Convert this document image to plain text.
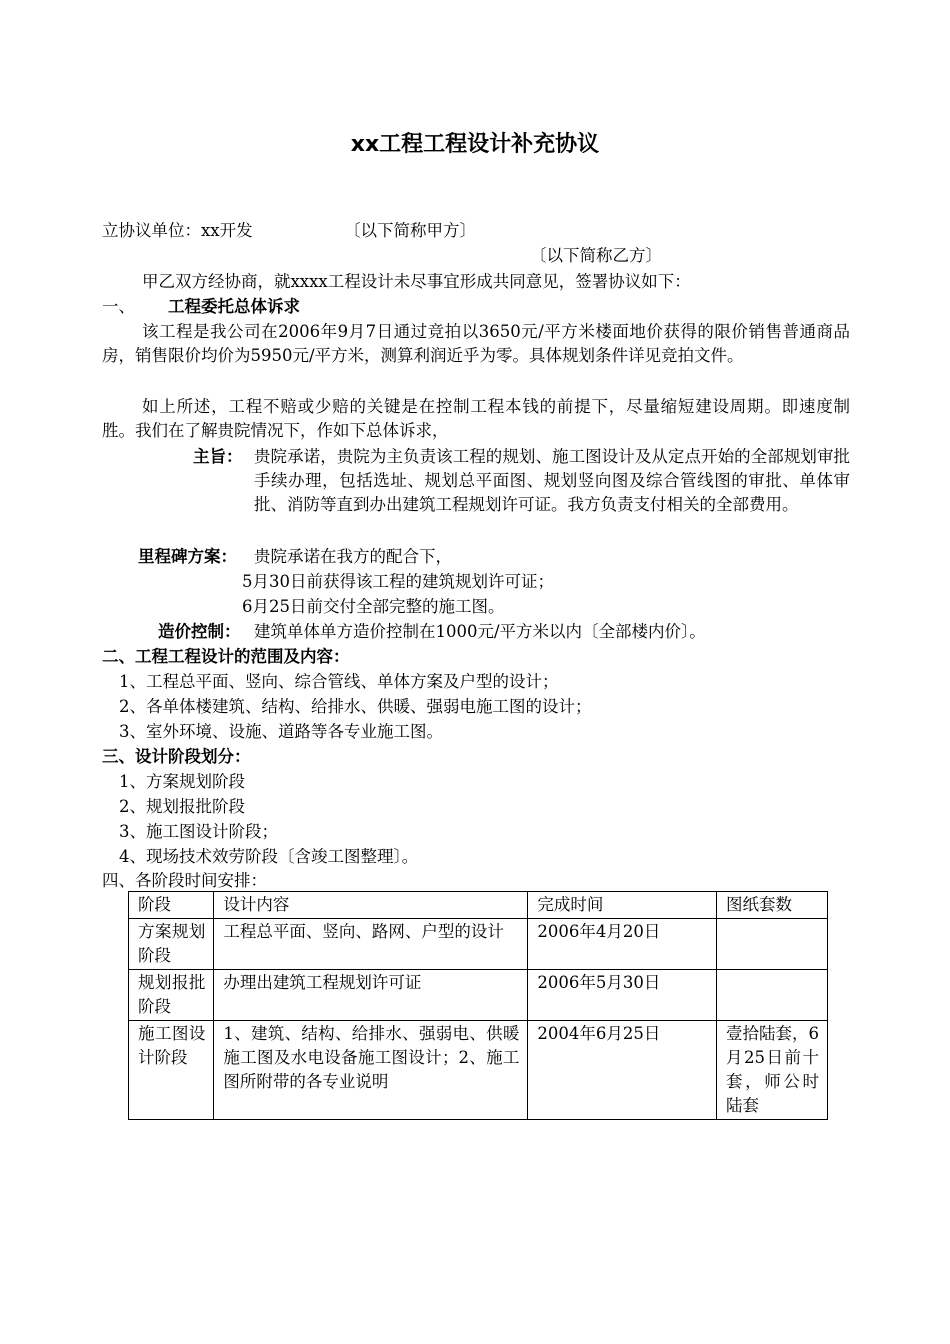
xx工程工程设计补充协议
立协议单位：xx开发	〔以下简称甲方〕
〔以下简称乙方〕
甲乙双方经协商，就xxxx工程设计未尽事宜形成共同意见，签署协议如下：
一、 工程委托总体诉求
该工程是我公司在2006年9月7日通过竞拍以3650元/平方米楼面地价获得的限价销售普通商品房，销售限价均价为5950元/平方米，测算利润近乎为零。具体规划条件详见竞拍文件。
如上所述，工程不赔或少赔的关键是在控制工程本钱的前提下，尽量缩短建设周期。即速度制胜。我们在了解贵院情况下，作如下总体诉求，
主旨： 贵院承诺，贵院为主负责该工程的规划、施工图设计及从定点开始的全部规划审批手续办理，包括选址、规划总平面图、规划竖向图及综合管线图的审批、单体审批、消防等直到办出建筑工程规划许可证。我方负责支付相关的全部费用。
里程碑方案： 贵院承诺在我方的配合下，
5月30日前获得该工程的建筑规划许可证；
6月25日前交付全部完整的施工图。
造价控制： 建筑单体单方造价控制在1000元/平方米以内〔全部楼内价〕。
二、工程工程设计的范围及内容：
1、工程总平面、竖向、综合管线、单体方案及户型的设计；
2、各单体楼建筑、结构、给排水、供暖、强弱电施工图的设计；
3、室外环境、设施、道路等各专业施工图。
三、设计阶段划分：
1、方案规划阶段
2、规划报批阶段
3、施工图设计阶段；
4、现场技术效劳阶段〔含竣工图整理〕。
四、各阶段时间安排：
阶段	设计内容	完成时间	图纸套数
方案规划阶段	工程总平面、竖向、路网、户型的设计	2006年4月20日	
规划报批阶段	办理出建筑工程规划许可证	2006年5月30日	
施工图设计阶段	1、建筑、结构、给排水、强弱电、供暖施工图及水电设备施工图设计；2、施工图所附带的各专业说明	2004年6月25日	壹拾陆套，6月25日前十套，师公时陆套
